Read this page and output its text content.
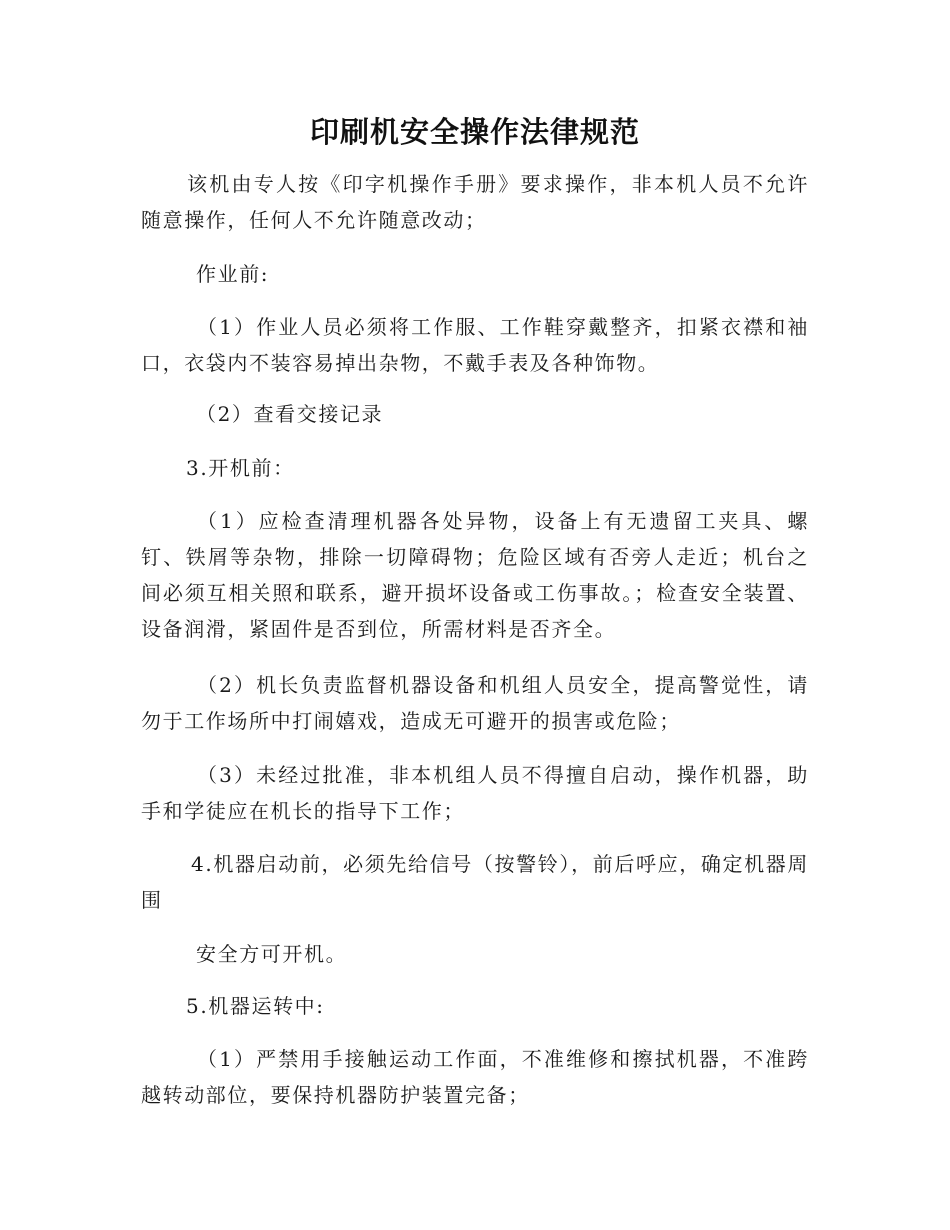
印刷机安全操作法律规范
该机由专人按《印字机操作手册》要求操作，非本机人员不允许随意操作，任何人不允许随意改动；
作业前:
（1）作业人员必须将工作服、工作鞋穿戴整齐，扣紧衣襟和袖口，衣袋内不装容易掉出杂物，不戴手表及各种饰物。
（2）查看交接记录
3.开机前：
（1）应检查清理机器各处异物，设备上有无遗留工夹具、螺钉、铁屑等杂物，排除一切障碍物；危险区域有否旁人走近；机台之间必须互相关照和联系，避开损坏设备或工伤事故。；检查安全装置、设备润滑，紧固件是否到位，所需材料是否齐全。
（2）机长负责监督机器设备和机组人员安全，提高警觉性，请勿于工作场所中打闹嬉戏，造成无可避开的损害或危险；
（3）未经过批准，非本机组人员不得擅自启动，操作机器，助手和学徒应在机长的指导下工作；
4.机器启动前，必须先给信号（按警铃），前后呼应，确定机器周围
安全方可开机。
5.机器运转中:
（1）严禁用手接触运动工作面，不准维修和擦拭机器，不准跨越转动部位，要保持机器防护装置完备；
